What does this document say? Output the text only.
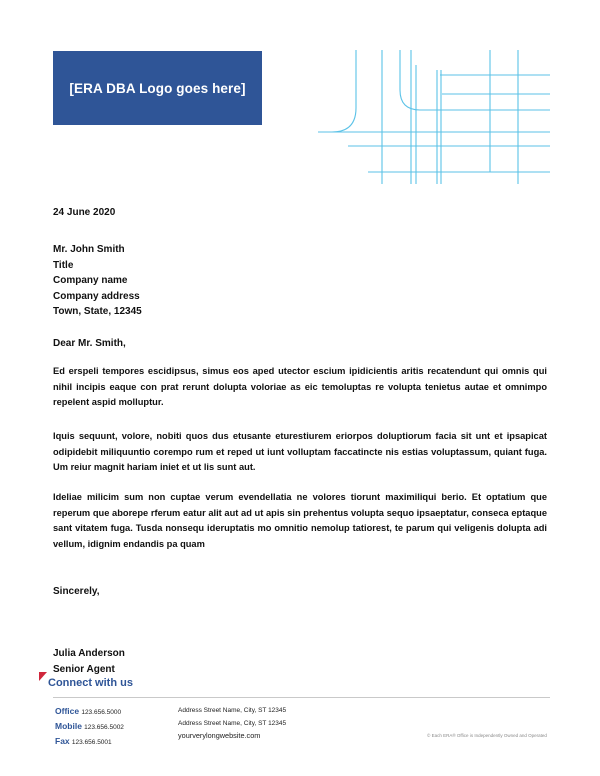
[ERA DBA Logo goes here]
24 June 2020
Mr. John Smith
Title
Company name
Company address
Town, State, 12345
Dear Mr. Smith,
Ed erspeli tempores escidipsus, simus eos aped utector escium ipidicientis aritis recatendunt qui omnis qui nihil incipis eaque con prat rerunt dolupta voloriae as eic temoluptas re volupta tenietus autae et omnimpo repelent aspid molluptur.
Iquis sequunt, volore, nobiti quos dus etusante eturestiurem eriorpos doluptiorum facia sit unt et ipsapicat odipidebit miliquuntio corempo rum et reped ut iunt volluptam faccatincte nis estias voluptassum, quiant fuga. Um reiur magnit hariam iniet et ut lis sunt aut.
Ideliae milicim sum non cuptae verum evendellatia ne volores tiorunt maximiliqui berio. Et optatium que reperum que aborepe rferum eatur alit aut ad ut apis sin prehentus volupta sequo ipsaeptatur, conseca eptaque sant vitatem fuga. Tusda nonsequ ideruptatis mo omnitio nemolup tatiorest, te parum qui veligenis dolupta adi vellum, idignim endandis pa quam
Sincerely,
Julia Anderson
Senior Agent
Connect with us
Office 123.656.5000
Mobile 123.656.5002
Fax 123.656.5001
Address Street Name, City, ST 12345
Address Street Name, City, ST 12345
yourverylongwebsite.com	© Each ERA® Office is Independently Owned and Operated
